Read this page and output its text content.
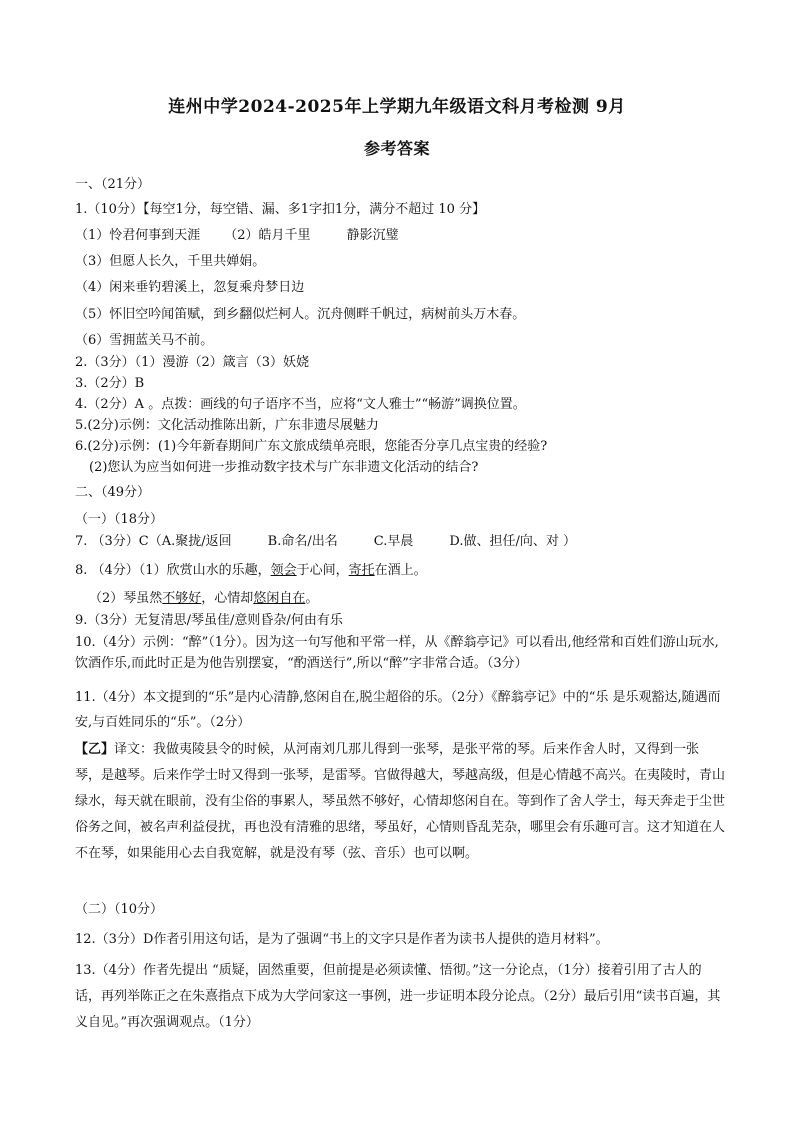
连州中学2024-2025年上学期九年级语文科月考检测 9月
参考答案
一、（21分）
1.（10分）【每空1分，每空错、漏、多1字扣1分，满分不超过 10 分】
（1）怜君何事到天涯 （2）皓月千里	静影沉璧
（3）但愿人长久，千里共婵娟。
（4）闲来垂钓碧溪上，忽复乘舟梦日边
（5）怀旧空吟闻笛赋，到乡翻似烂柯人。沉舟侧畔千帆过，病树前头万木春。
（6）雪拥蓝关马不前。
2.（3分）（1）漫游（2）箴言（3）妖娆
3.（2分）B
4.（2分）A 。点拨：画线的句子语序不当，应将“文人雅士”“畅游”调换位置。
5.(2分)示例：文化活动推陈出新，广东非遗尽展魅力
6.(2分)示例：(1)今年新春期间广东文旅成绩单亮眼，您能否分享几点宝贵的经验?
(2)您认为应当如何进一步推动数字技术与广东非遗文化活动的结合?
二、（49分）
（一）（18分）
7. （3分）C（A.聚拢/返回	B.命名/出名	C.早晨	D.做、担任/向、对 ）
8. （4分）（1）欣赏山水的乐趣，领会于心间，寄托在酒上。
（2）琴虽然不够好，心情却悠闲自在。
9.（3分）无复清思/琴虽佳/意则昏杂/何由有乐
10.（4分）示例：“醉”（1分）。因为这一句写他和平常一样，从《醉翁亭记》可以看出,他经常和百姓们游山玩水,饮酒作乐,而此时正是为他告别摆宴，“酌酒送行”,所以“醉”字非常合适。（3分）
11.（4分）本文提到的“乐”是内心清静,悠闲自在,脱尘超俗的乐。（2分）《醉翁亭记》中的“乐 是乐观豁达,随遇而安,与百姓同乐的“乐”。（2分）
【乙】译文：我做夷陵县令的时候，从河南刘几那儿得到一张琴，是张平常的琴。后来作舍人时，又得到一张琴，是越琴。后来作学士时又得到一张琴，是雷琴。官做得越大，琴越高级，但是心情越不高兴。在夷陵时，青山绿水，每天就在眼前，没有尘俗的事累人，琴虽然不够好，心情却悠闲自在。等到作了舍人学士，每天奔走于尘世俗务之间，被名声利益侵扰，再也没有清雅的思绪，琴虽好，心情则昏乱芜杂，哪里会有乐趣可言。这才知道在人不在琴，如果能用心去自我宽解，就是没有琴（弦、音乐）也可以啊。
（二）（10分）
12.（3分）D作者引用这句话，是为了强调“书上的文字只是作者为读书人提供的造月材料”。
13.（4分）作者先提出 “质疑，固然重要，但前提是必须读懂、悟彻。”这一分论点，（1分）接着引用了古人的话，再列举陈正之在朱熹指点下成为大学问家这一事例，进一步证明本段分论点。（2分）最后引用“读书百遍，其义自见。”再次强调观点。（1分）
